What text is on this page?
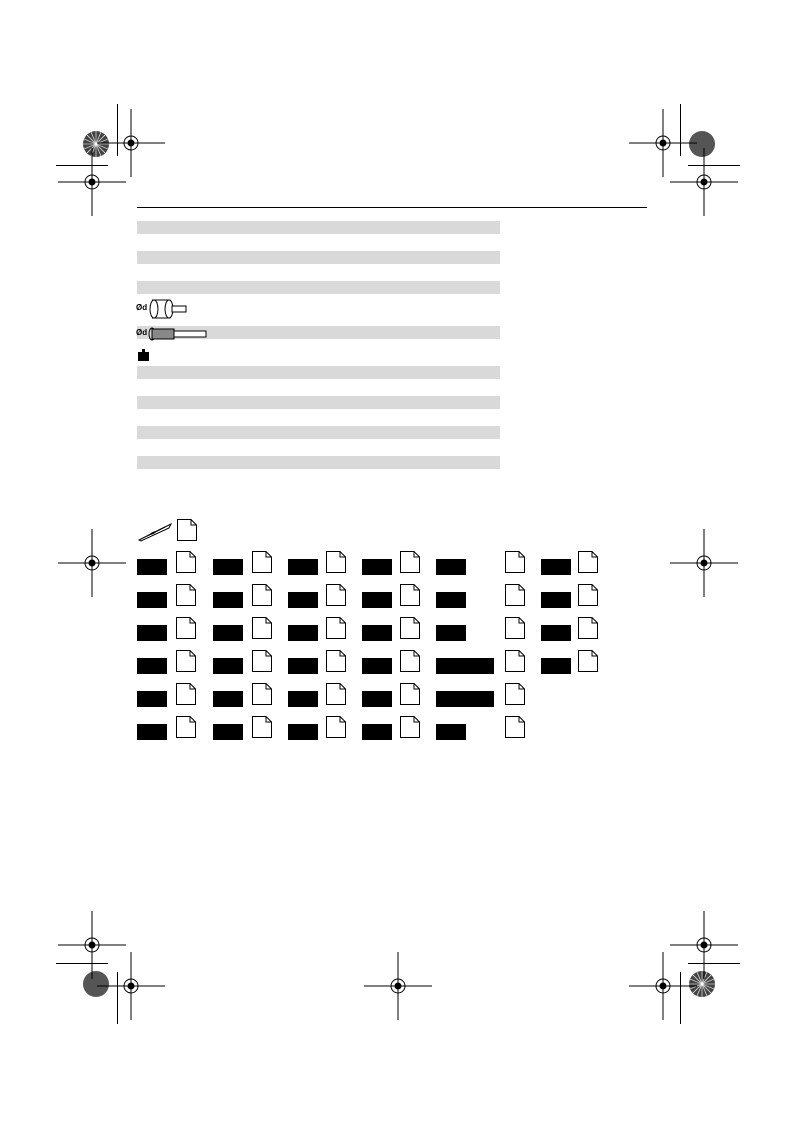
Ød
Ød
